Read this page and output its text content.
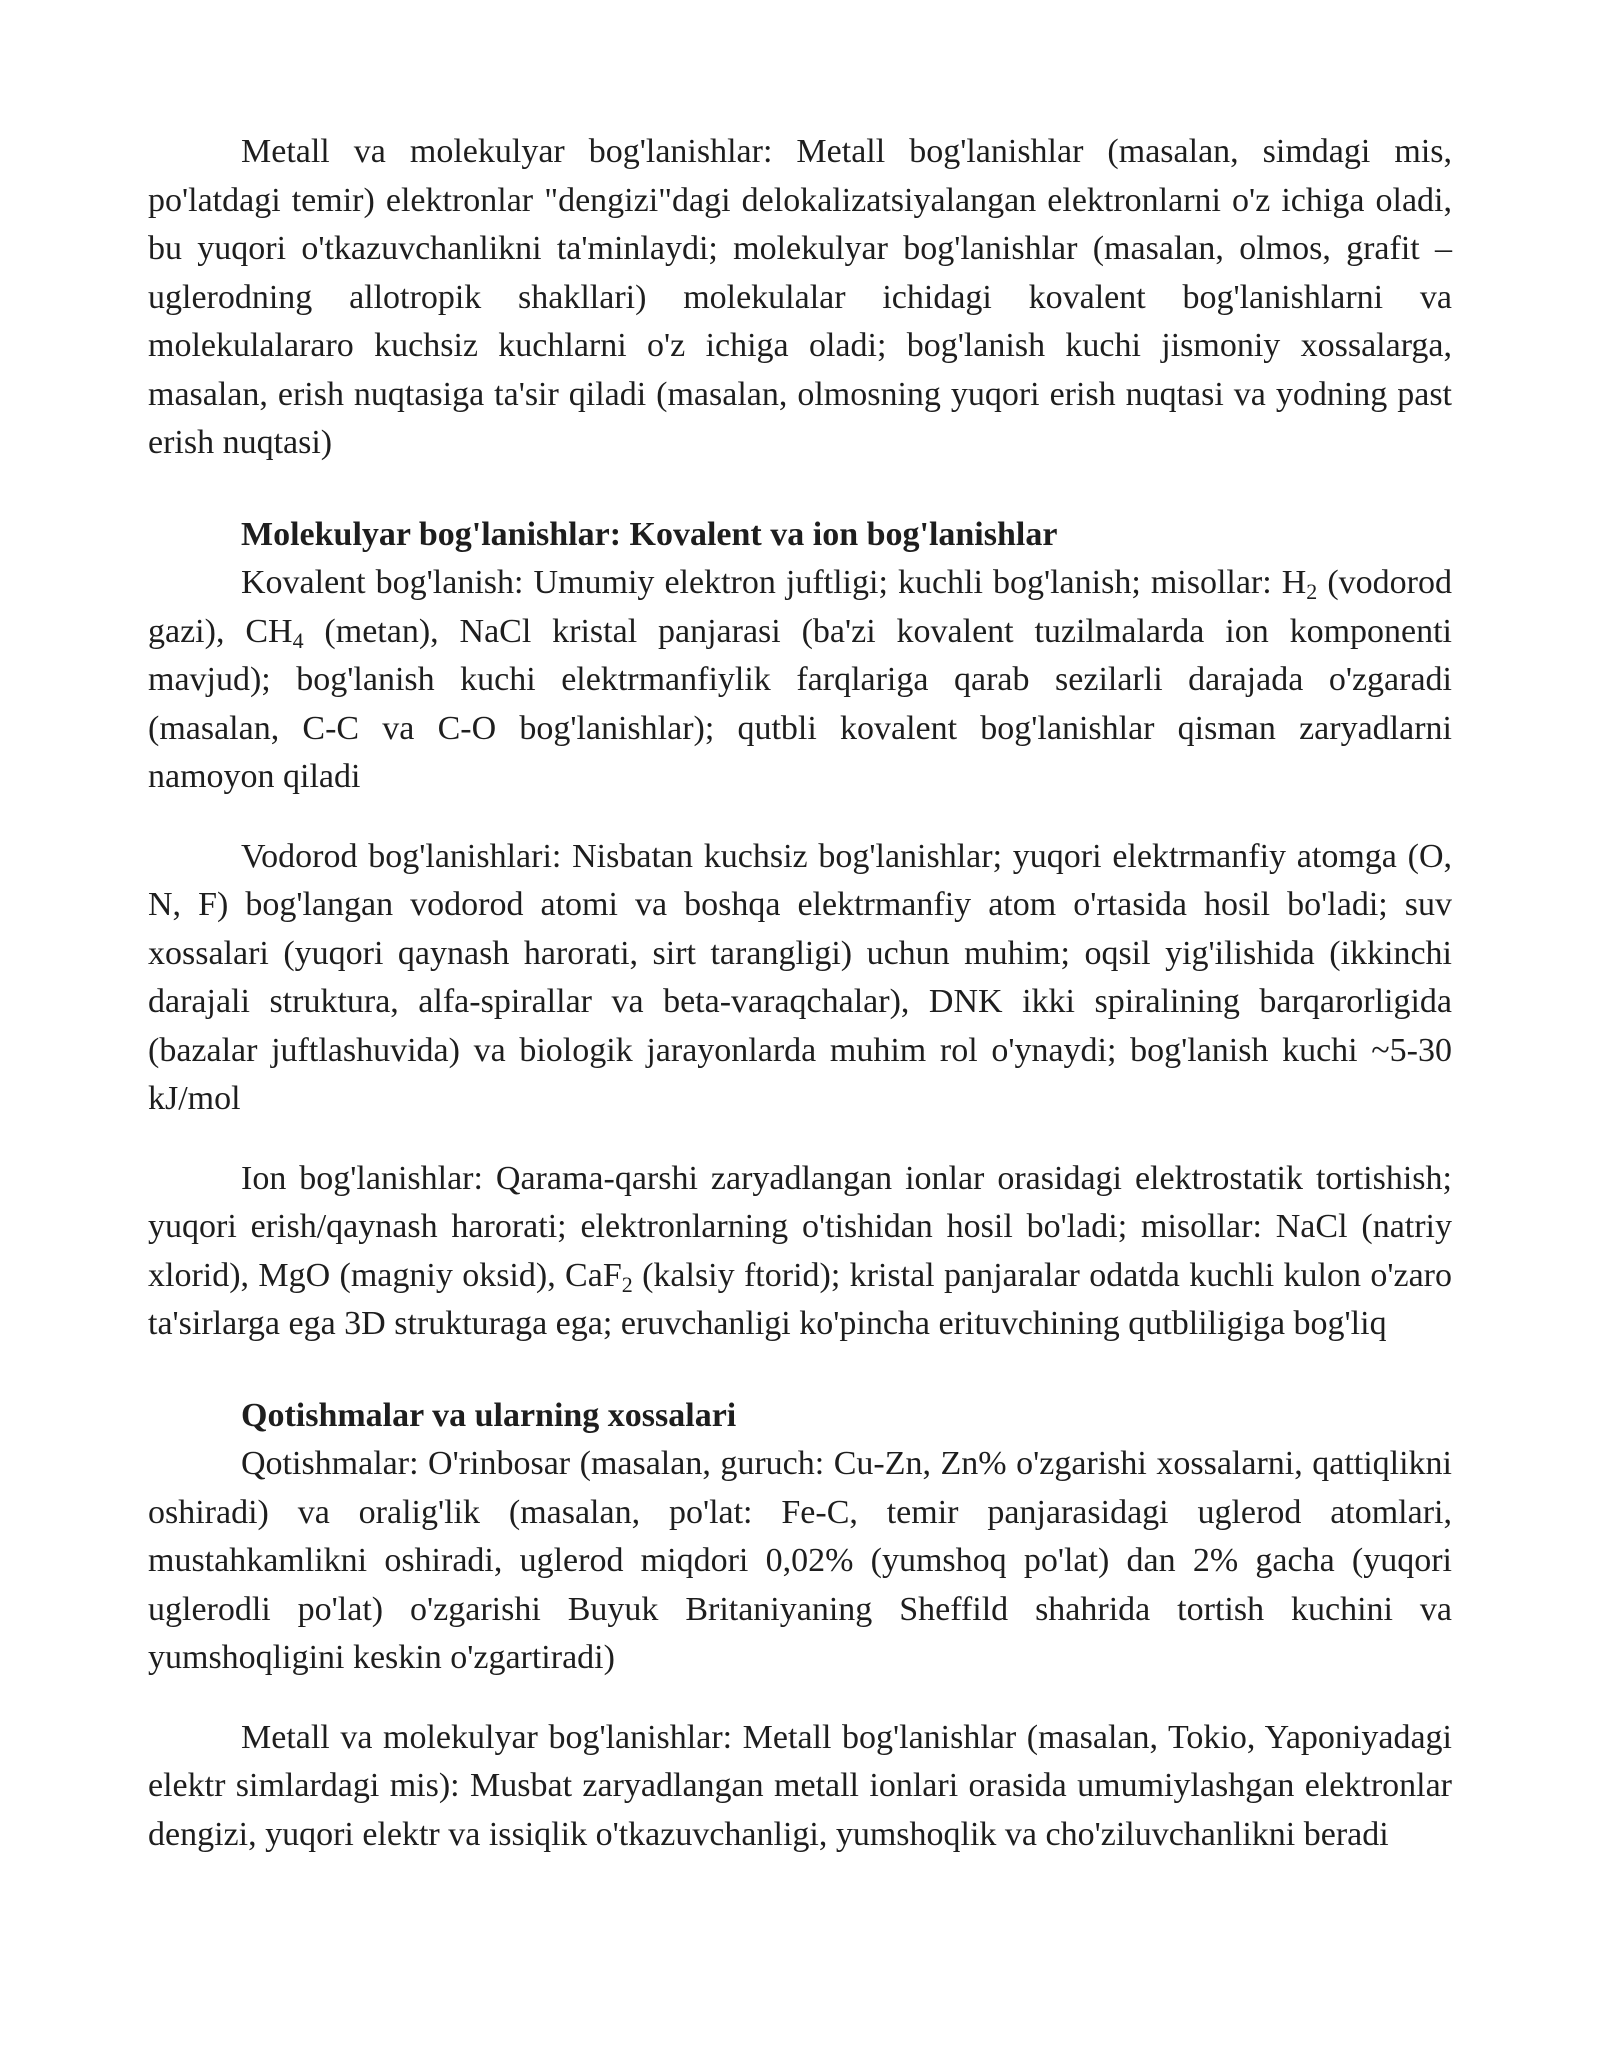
Metall va molekulyar bog'lanishlar: Metall bog'lanishlar (masalan, simdagi mis, po'latdagi temir) elektronlar "dengizi"dagi delokalizatsiyalangan elektronlarni o'z ichiga oladi, bu yuqori o'tkazuvchanlikni ta'minlaydi; molekulyar bog'lanishlar (masalan, olmos, grafit – uglerodning allotropik shakllari) molekulalar ichidagi kovalent bog'lanishlarni va molekulalararo kuchsiz kuchlarni o'z ichiga oladi; bog'lanish kuchi jismoniy xossalarga, masalan, erish nuqtasiga ta'sir qiladi (masalan, olmosning yuqori erish nuqtasi va yodning past erish nuqtasi)

Molekulyar bog'lanishlar: Kovalent va ion bog'lanishlar

Kovalent bog'lanish: Umumiy elektron juftligi; kuchli bog'lanish; misollar: $H_2$ (vodorod gazi), $CH_4$ (metan), NaCl kristal panjarasi (ba'zi kovalent tuzilmalarda ion komponenti mavjud); bog'lanish kuchi elektrmanfiylik farqlariga qarab sezilarli darajada o'zgaradi (masalan, C-C va C-O bog'lanishlar); qutbli kovalent bog'lanishlar qisman zaryadlarni namoyon qiladi

Vodorod bog'lanishlari: Nisbatan kuchsiz bog'lanishlar; yuqori elektrmanfiy atomga (O, N, F) bog'langan vodorod atomi va boshqa elektrmanfiy atom o'rtasida hosil bo'ladi; suv xossalari (yuqori qaynash harorati, sirt tarangligi) uchun muhim; oqsil yig'ilishida (ikkinchi darajali struktura, alfa-spirallar va beta-varaqchalar), DNK ikki spiralining barqarorligida (bazalar juftlashuvida) va biologik jarayonlarda muhim rol o'ynaydi; bog'lanish kuchi ~5-30 kJ/mol

Ion bog'lanishlar: Qarama-qarshi zaryadlangan ionlar orasidagi elektrostatik tortishish; yuqori erish/qaynash harorati; elektronlarning o'tishidan hosil bo'ladi; misollar: NaCl (natriy xlorid), MgO (magniy oksid), CaF$_2$ (kalsiy ftorid); kristal panjaralar odatda kuchli kulon o'zaro ta'sirlarga ega 3D strukturaga ega; eruvchanligi ko'pincha erituvchining qutbliligiga bog'liq

Qotishmalar va ularning xossalari

Qotishmalar: O'rinbosar (masalan, guruch: Cu-Zn, Zn% o'zgarishi xossalarni, qattiqlikni oshiradi) va oralig'lik (masalan, po'lat: Fe-C, temir panjarasidagi uglerod atomlari, mustahkamlikni oshiradi, uglerod miqdori 0,02% (yumshoq po'lat) dan 2% gacha (yuqori uglerodli po'lat) o'zgarishi Buyuk Britaniyaning Sheffild shahrida tortish kuchini va yumshoqligini keskin o'zgartiradi)

Metall va molekulyar bog'lanishlar: Metall bog'lanishlar (masalan, Tokio, Yaponiyadagi elektr simlardagi mis): Musbat zaryadlangan metall ionlari orasida umumiylashgan elektronlar dengizi, yuqori elektr va issiqlik o'tkazuvchanligi, yumshoqlik va cho'ziluvchanlikni beradi
